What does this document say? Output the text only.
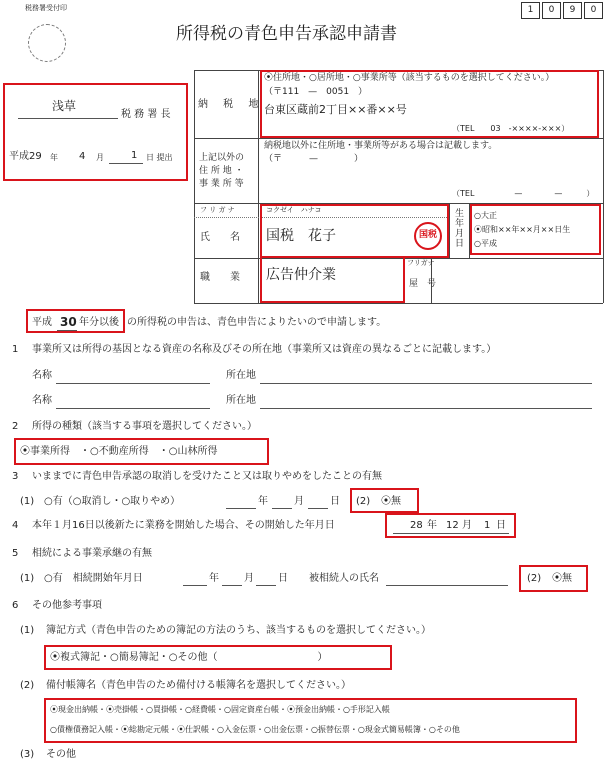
税務署受付印	1	0	9	0
所得税の青色申告承認申請書
浅草
税 務 署 長
平成29 年 4 月	1 日 提出
納 税 地
⦿住所地・○居所地・○事業所等（該当するものを選択してください。）
（〒111　—　0051　）
台東区蔵前2丁目××番××号
（TEL　　03　-××××-×××）
上記以外の
住 所 地 ・
事 業 所 等
納税地以外に住所地・事業所等がある場合は記載します。
（〒　　　—　　　　）
（TEL　　　　　—　　　　—　　　）
フ リ ガ ナ	コクゼイ　ハナコ
氏　　名 国税　花子	国税
生年月日
○大正
⦿昭和××年××月××日生
○平成
職　　業 広告仲介業
フリガナ
屋　号
平成 30 年分以後 の所得税の申告は、青色申告によりたいので申請します。
1 事業所又は所得の基因となる資産の名称及びその所在地（事業所又は資産の異なるごとに記載します。）
名称	所在地
名称	所在地
2 所得の種類（該当する事項を選択してください。）
⦿事業所得　・○不動産所得　・○山林所得
3 いままでに青色申告承認の取消しを受けたこと又は取りやめをしたことの有無
(1) ○有（○取消し・○取りやめ）	年	月	日 (2) ⦿無
4 本年１月16日以後新たに業務を開始した場合、その開始した年月日	28 年 12 月 1 日
5 相続による事業承継の有無
(1) ○有　相続開始年月日	年	月 日 被相続人の氏名	(2) ⦿無
6 その他参考事項
(1) 簿記方式（青色申告のための簿記の方法のうち、該当するものを選択してください。）
⦿複式簿記・○簡易簿記・○その他（　　　　　　　　　　）
(2) 備付帳簿名（青色申告のため備付ける帳簿名を選択してください。）
⦿現金出納帳・⦿売掛帳・○買掛帳・○経費帳・○固定資産台帳・⦿預金出納帳・○手形記入帳
○債権債務記入帳・⦿総勘定元帳・⦿仕訳帳・○入金伝票・○出金伝票・○振替伝票・○現金式簡易帳簿・○その他
(3) その他
